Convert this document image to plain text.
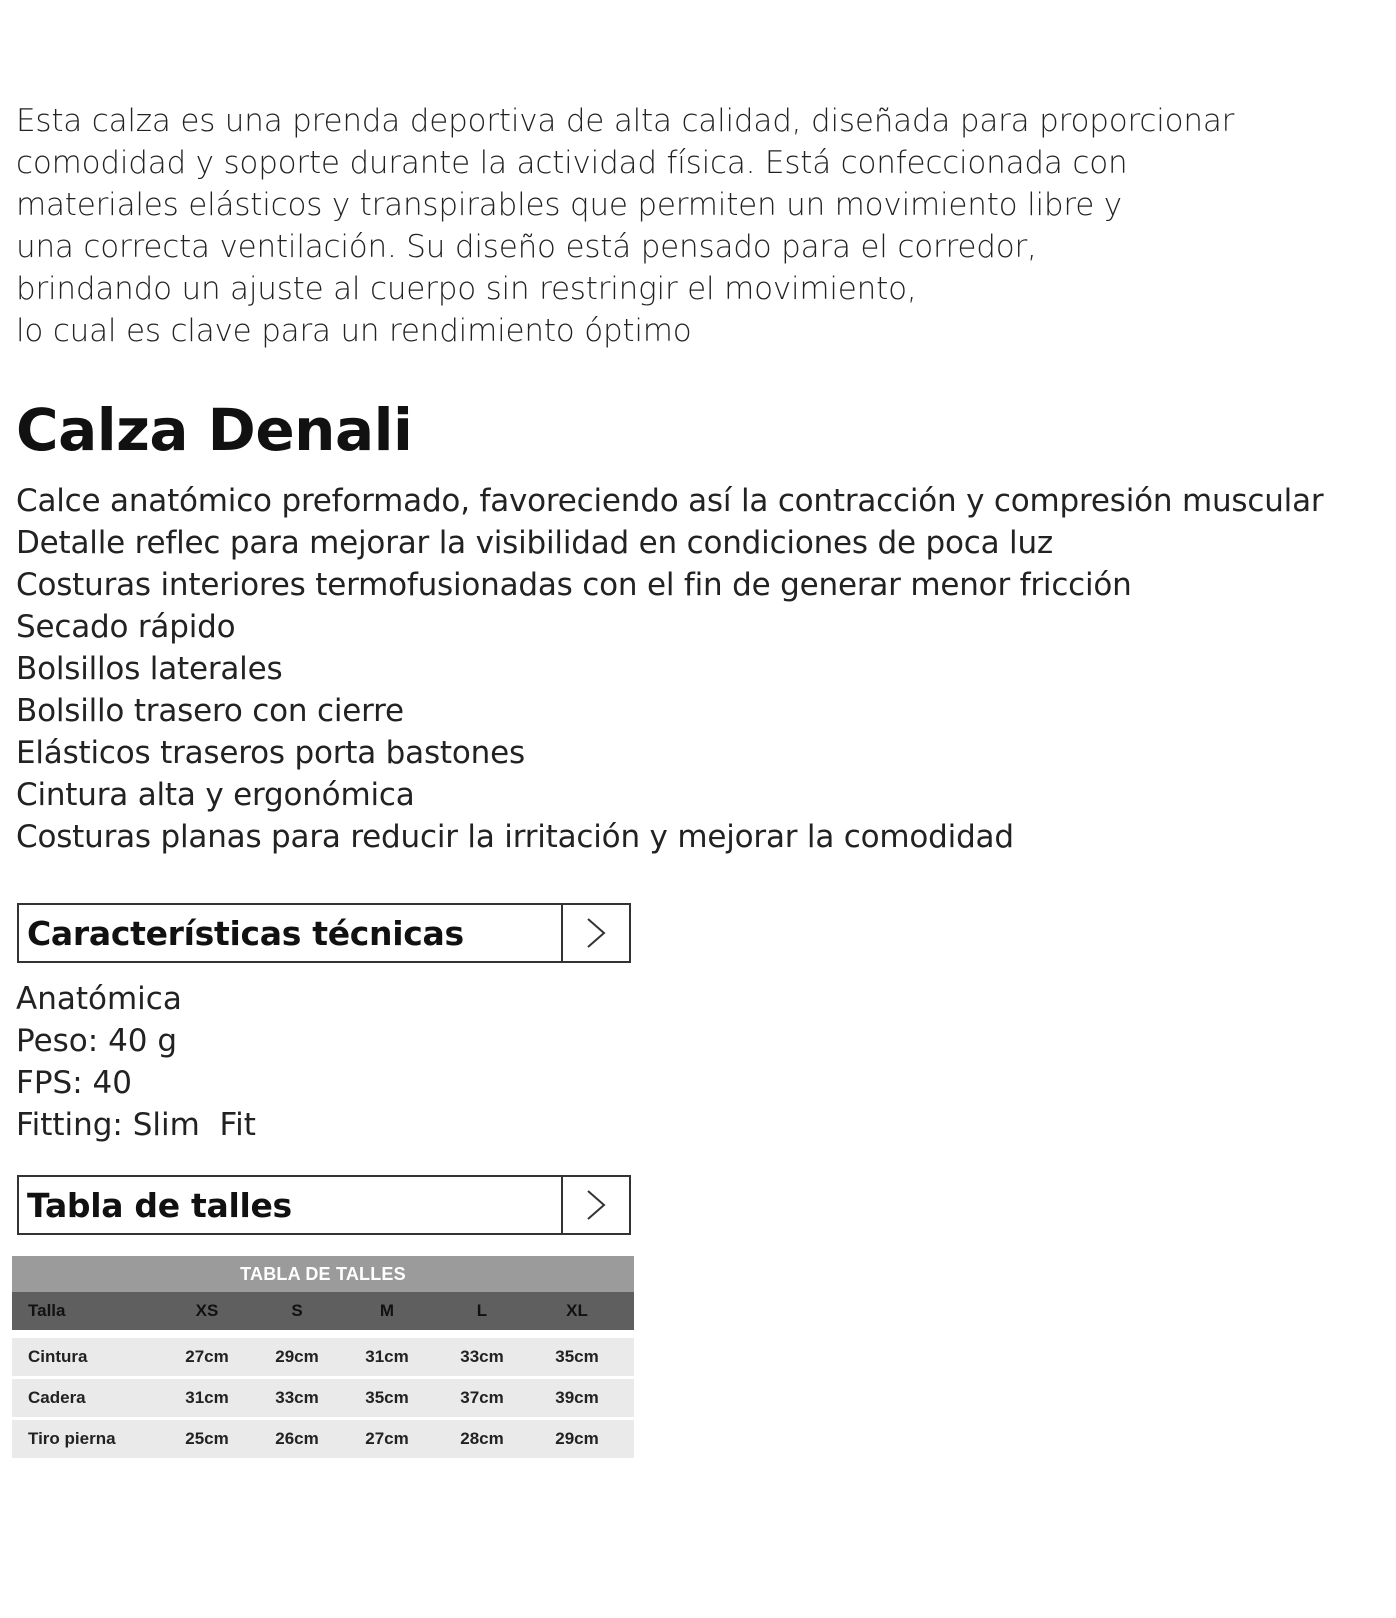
Esta calza es una prenda deportiva de alta calidad, diseñada para proporcionar
comodidad y soporte durante la actividad física. Está confeccionada con
materiales elásticos y transpirables que permiten un movimiento libre y
una correcta ventilación. Su diseño está pensado para el corredor,
brindando un ajuste al cuerpo sin restringir el movimiento,
lo cual es clave para un rendimiento óptimo
Calza Denali
Calce anatómico preformado, favoreciendo así la contracción y compresión muscular
Detalle reflec para mejorar la visibilidad en condiciones de poca luz
Costuras interiores termofusionadas con el fin de generar menor fricción
Secado rápido
Bolsillos laterales
Bolsillo trasero con cierre
Elásticos traseros porta bastones
Cintura alta y ergonómica
Costuras planas para reducir la irritación y mejorar la comodidad
Características técnicas
Anatómica
Peso: 40 g
FPS: 40
Fitting: Slim  Fit
Tabla de talles
TABLA DE TALLES
Talla	XS	S	M	L	XL
Cintura	27cm	29cm	31cm	33cm	35cm
Cadera	31cm	33cm	35cm	37cm	39cm
Tiro pierna	25cm	26cm	27cm	28cm	29cm
